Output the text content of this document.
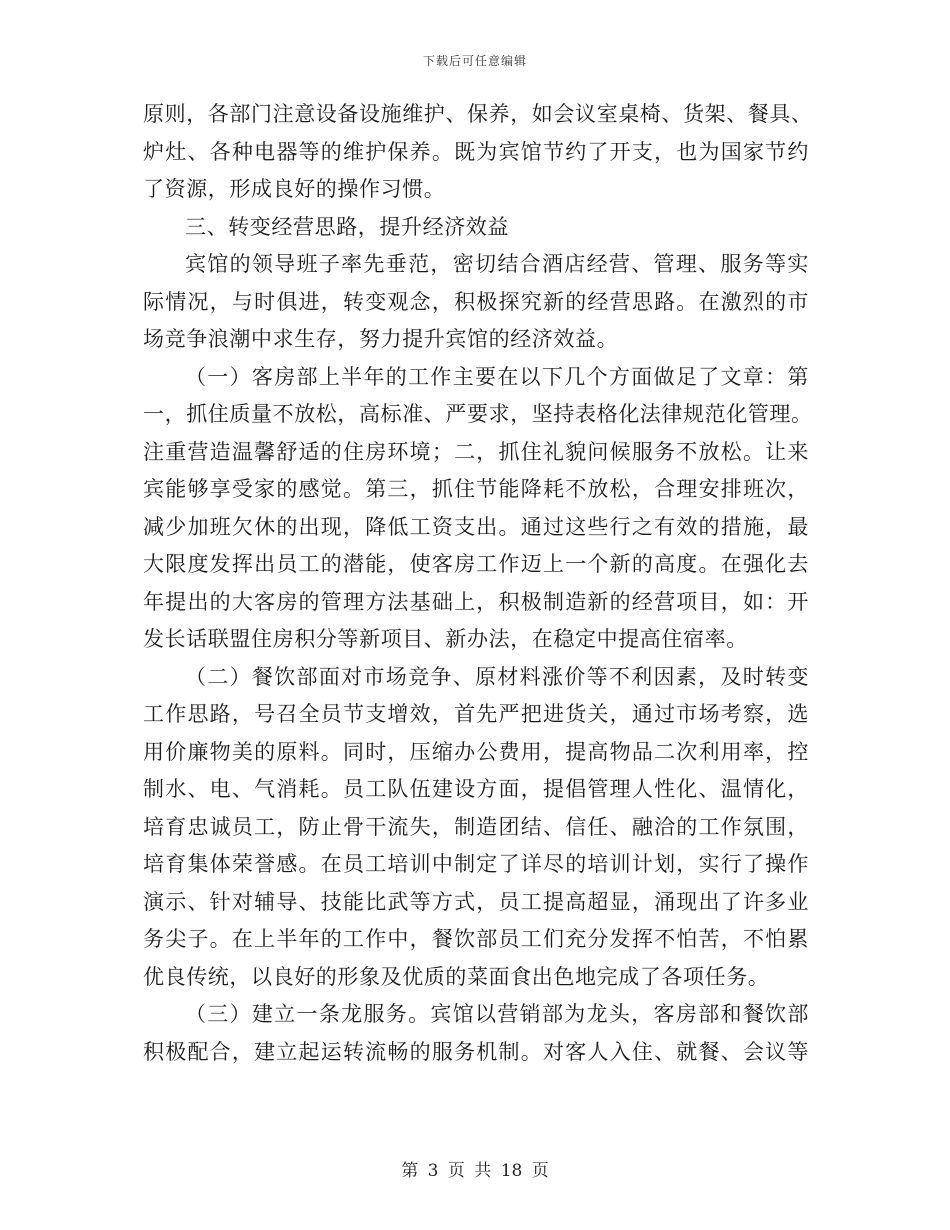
下载后可任意编辑
原则，各部门注意设备设施维护、保养，如会议室桌椅、货架、餐具、
炉灶、各种电器等的维护保养。既为宾馆节约了开支，也为国家节约
了资源，形成良好的操作习惯。
三、转变经营思路，提升经济效益
宾馆的领导班子率先垂范，密切结合酒店经营、管理、服务等实
际情况，与时俱进，转变观念，积极探究新的经营思路。在激烈的市
场竞争浪潮中求生存，努力提升宾馆的经济效益。
（一）客房部上半年的工作主要在以下几个方面做足了文章：第
一，抓住质量不放松，高标准、严要求，坚持表格化法律规范化管理。
注重营造温馨舒适的住房环境；二，抓住礼貌问候服务不放松。让来
宾能够享受家的感觉。第三，抓住节能降耗不放松，合理安排班次，
减少加班欠休的出现，降低工资支出。通过这些行之有效的措施，最
大限度发挥出员工的潜能，使客房工作迈上一个新的高度。在强化去
年提出的大客房的管理方法基础上，积极制造新的经营项目，如：开
发长话联盟住房积分等新项目、新办法，在稳定中提高住宿率。
（二）餐饮部面对市场竞争、原材料涨价等不利因素，及时转变
工作思路，号召全员节支增效，首先严把进货关，通过市场考察，选
用价廉物美的原料。同时，压缩办公费用，提高物品二次利用率，控
制水、电、气消耗。员工队伍建设方面，提倡管理人性化、温情化，
培育忠诚员工，防止骨干流失，制造团结、信任、融洽的工作氛围，
培育集体荣誉感。在员工培训中制定了详尽的培训计划，实行了操作
演示、针对辅导、技能比武等方式，员工提高超显，涌现出了许多业
务尖子。在上半年的工作中，餐饮部员工们充分发挥不怕苦，不怕累
优良传统，以良好的形象及优质的菜面食出色地完成了各项任务。
（三）建立一条龙服务。宾馆以营销部为龙头，客房部和餐饮部
积极配合，建立起运转流畅的服务机制。对客人入住、就餐、会议等
第 3 页 共 18 页
